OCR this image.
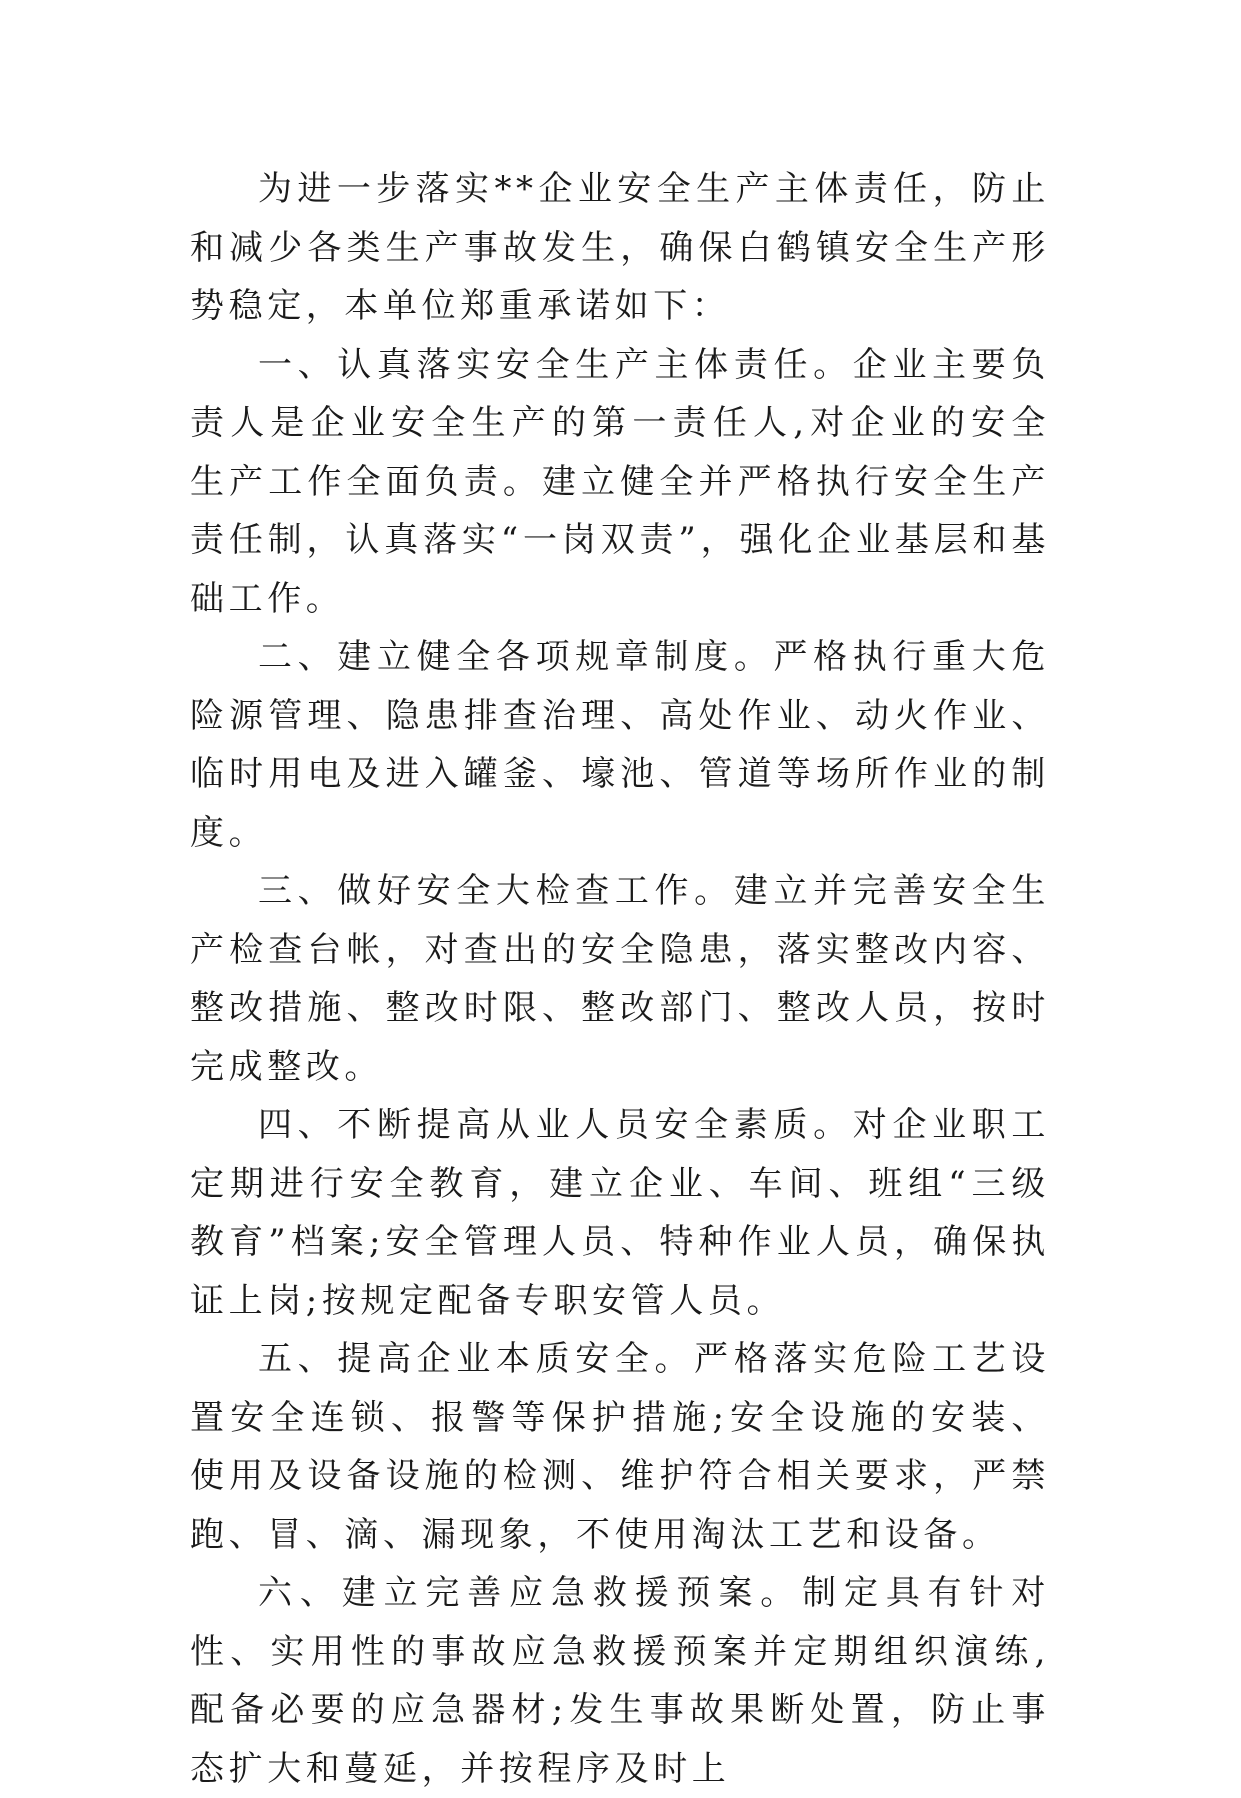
为进一步落实**企业安全生产主体责任，防止和减少各类生产事故发生，确保白鹤镇安全生产形势稳定，本单位郑重承诺如下：

一、认真落实安全生产主体责任。企业主要负责人是企业安全生产的第一责任人,对企业的安全生产工作全面负责。建立健全并严格执行安全生产责任制，认真落实“一岗双责”，强化企业基层和基础工作。

二、建立健全各项规章制度。严格执行重大危险源管理、隐患排查治理、高处作业、动火作业、临时用电及进入罐釜、壕池、管道等场所作业的制度。

三、做好安全大检查工作。建立并完善安全生产检查台帐，对查出的安全隐患，落实整改内容、整改措施、整改时限、整改部门、整改人员，按时完成整改。

四、不断提高从业人员安全素质。对企业职工定期进行安全教育，建立企业、车间、班组“三级教育”档案;安全管理人员、特种作业人员，确保执证上岗;按规定配备专职安管人员。

五、提高企业本质安全。严格落实危险工艺设置安全连锁、报警等保护措施;安全设施的安装、使用及设备设施的检测、维护符合相关要求，严禁跑、冒、滴、漏现象，不使用淘汰工艺和设备。

六、建立完善应急救援预案。制定具有针对性、实用性的事故应急救援预案并定期组织演练,配备必要的应急器材;发生事故果断处置，防止事态扩大和蔓延，并按程序及时上
